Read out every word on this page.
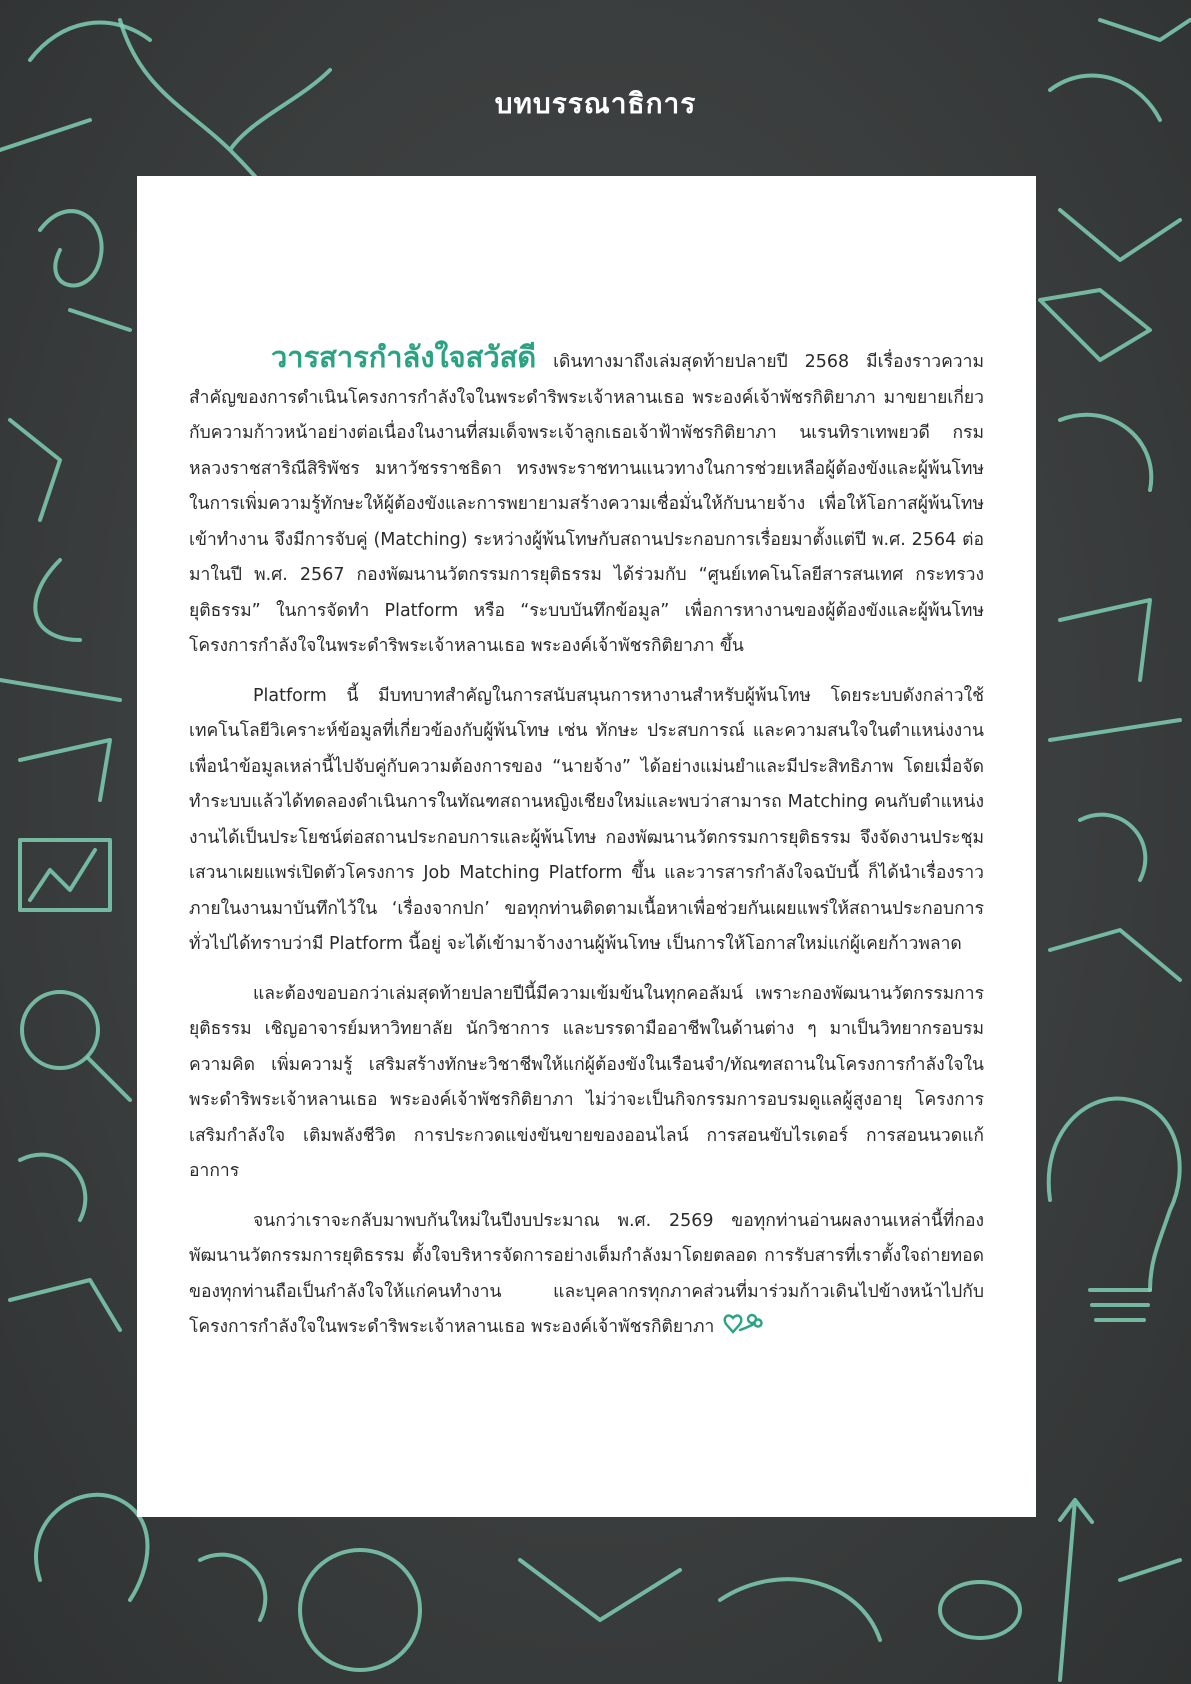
บทบรรณาธิการ

วารสารกำลังใจสวัสดี เดินทางมาถึงเล่มสุดท้ายปลายปี 2568 มีเรื่องราวความสำคัญของการดำเนินโครงการกำลังใจในพระดำริพระเจ้าหลานเธอ พระองค์เจ้าพัชรกิติยาภา มาขยายเกี่ยวกับความก้าวหน้าอย่างต่อเนื่องในงานที่สมเด็จพระเจ้าลูกเธอเจ้าฟ้าพัชรกิติยาภา นเรนทิราเทพยวดี กรมหลวงราชสาริณีสิริพัชร มหาวัชรราชธิดา ทรงพระราชทานแนวทางในการช่วยเหลือผู้ต้องขังและผู้พ้นโทษในการเพิ่มความรู้ทักษะให้ผู้ต้องขังและการพยายามสร้างความเชื่อมั่นให้กับนายจ้าง เพื่อให้โอกาสผู้พ้นโทษเข้าทำงาน จึงมีการจับคู่ (Matching) ระหว่างผู้พ้นโทษกับสถานประกอบการเรื่อยมาตั้งแต่ปี พ.ศ. 2564 ต่อมาในปี พ.ศ. 2567 กองพัฒนานวัตกรรมการยุติธรรม ได้ร่วมกับ “ศูนย์เทคโนโลยีสารสนเทศ กระทรวงยุติธรรม” ในการจัดทำ Platform หรือ “ระบบบันทึกข้อมูล” เพื่อการหางานของผู้ต้องขังและผู้พ้นโทษ โครงการกำลังใจในพระดำริพระเจ้าหลานเธอ พระองค์เจ้าพัชรกิติยาภา ขึ้น

Platform นี้ มีบทบาทสำคัญในการสนับสนุนการหางานสำหรับผู้พ้นโทษ โดยระบบดังกล่าวใช้เทคโนโลยีวิเคราะห์ข้อมูลที่เกี่ยวข้องกับผู้พ้นโทษ เช่น ทักษะ ประสบการณ์ และความสนใจในตำแหน่งงาน เพื่อนำข้อมูลเหล่านี้ไปจับคู่กับความต้องการของ “นายจ้าง” ได้อย่างแม่นยำและมีประสิทธิภาพ โดยเมื่อจัดทำระบบแล้วได้ทดลองดำเนินการในทัณฑสถานหญิงเชียงใหม่และพบว่าสามารถ Matching คนกับตำแหน่งงานได้เป็นประโยชน์ต่อสถานประกอบการและผู้พ้นโทษ กองพัฒนานวัตกรรมการยุติธรรม จึงจัดงานประชุมเสวนาเผยแพร่เปิดตัวโครงการ Job Matching Platform ขึ้น และวารสารกำลังใจฉบับนี้ ก็ได้นำเรื่องราวภายในงานมาบันทึกไว้ใน ‘เรื่องจากปก’ ขอทุกท่านติดตามเนื้อหาเพื่อช่วยกันเผยแพร่ให้สถานประกอบการทั่วไปได้ทราบว่ามี Platform นี้อยู่ จะได้เข้ามาจ้างงานผู้พ้นโทษ เป็นการให้โอกาสใหม่แก่ผู้เคยก้าวพลาด

และต้องขอบอกว่าเล่มสุดท้ายปลายปีนี้มีความเข้มข้นในทุกคอลัมน์ เพราะกองพัฒนานวัตกรรมการยุติธรรม เชิญอาจารย์มหาวิทยาลัย นักวิชาการ และบรรดามืออาชีพในด้านต่าง ๆ มาเป็นวิทยากรอบรมความคิด เพิ่มความรู้ เสริมสร้างทักษะวิชาชีพให้แก่ผู้ต้องขังในเรือนจำ/ทัณฑสถานในโครงการกำลังใจในพระดำริพระเจ้าหลานเธอ พระองค์เจ้าพัชรกิติยาภา ไม่ว่าจะเป็นกิจกรรมการอบรมดูแลผู้สูงอายุ โครงการเสริมกำลังใจ เติมพลังชีวิต การประกวดแข่งขันขายของออนไลน์ การสอนขับไรเดอร์ การสอนนวดแก้อาการ

จนกว่าเราจะกลับมาพบกันใหม่ในปีงบประมาณ พ.ศ. 2569 ขอทุกท่านอ่านผลงานเหล่านี้ที่กองพัฒนานวัตกรรมการยุติธรรม ตั้งใจบริหารจัดการอย่างเต็มกำลังมาโดยตลอด การรับสารที่เราตั้งใจถ่ายทอดของทุกท่านถือเป็นกำลังใจให้แก่คนทำงาน และบุคลากรทุกภาคส่วนที่มาร่วมก้าวเดินไปข้างหน้าไปกับโครงการกำลังใจในพระดำริพระเจ้าหลานเธอ พระองค์เจ้าพัชรกิติยาภา
